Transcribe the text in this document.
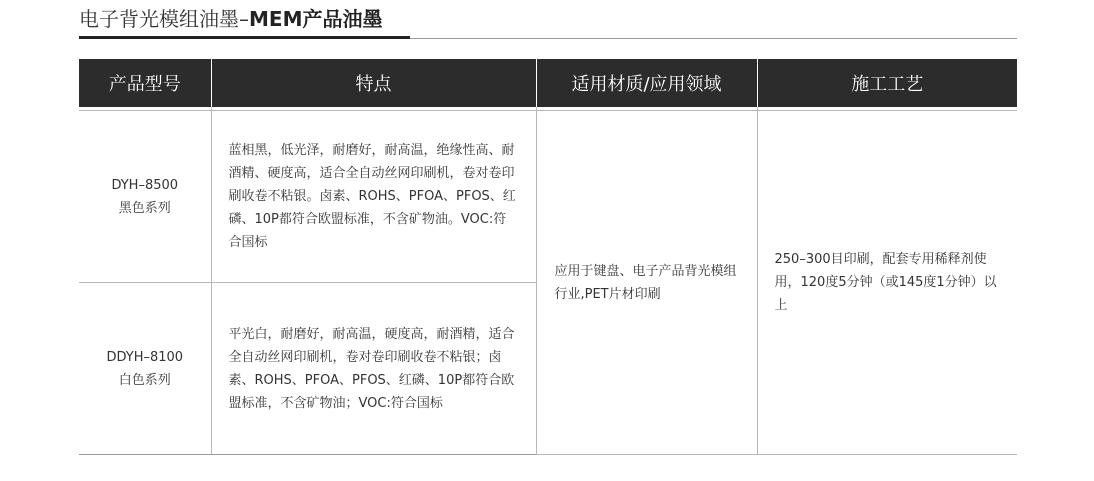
电子背光模组油墨–MEM产品油墨
产品型号	特点	适用材质/应用领域	施工工艺

DYH–8500
黑色系列	蓝相黑，低光泽，耐磨好，耐高温，绝缘性高、耐酒精、硬度高，适合全自动丝网印刷机，卷对卷印刷收卷不粘银。卤素、ROHS、PFOA、PFOS、红磷、10P都符合欧盟标准，不含矿物油。VOC:符合国标	应用于键盘、电子产品背光模组行业,PET片材印刷	250–300目印刷，配套专用稀释剂使用，120度5分钟（或145度1分钟）以上

DDYH–8100
白色系列	平光白，耐磨好，耐高温，硬度高，耐酒精，适合全自动丝网印刷机，卷对卷印刷收卷不粘银；卤素、ROHS、PFOA、PFOS、红磷、10P都符合欧盟标准，不含矿物油；VOC:符合国标		
